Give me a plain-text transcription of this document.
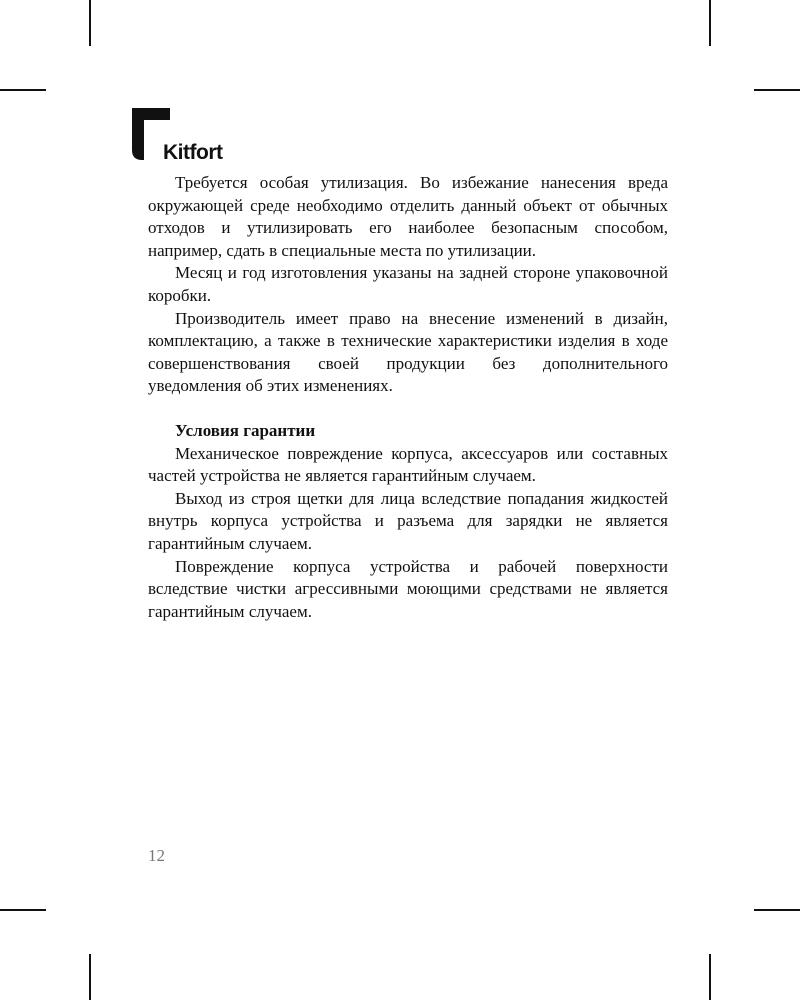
Kitfort

Требуется особая утилизация. Во избежание нанесения вреда окружающей среде необходимо отделить данный объект от обычных отходов и утилизировать его наиболее безопасным способом, например, сдать в специальные места по утилизации.

Месяц и год изготовления указаны на задней стороне упаковочной коробки.

Производитель имеет право на внесение изменений в дизайн, комплектацию, а также в технические характеристики изделия в ходе совершенствования своей продукции без дополнительного уведомления об этих изменениях.

Условия гарантии

Механическое повреждение корпуса, аксессуаров или составных частей устройства не является гарантийным случаем.

Выход из строя щетки для лица вследствие попадания жидкостей внутрь корпуса устройства и разъема для зарядки не является гарантийным случаем.

Повреждение корпуса устройства и рабочей поверхности вследствие чистки агрессивными моющими средствами не является гарантийным случаем.

12
